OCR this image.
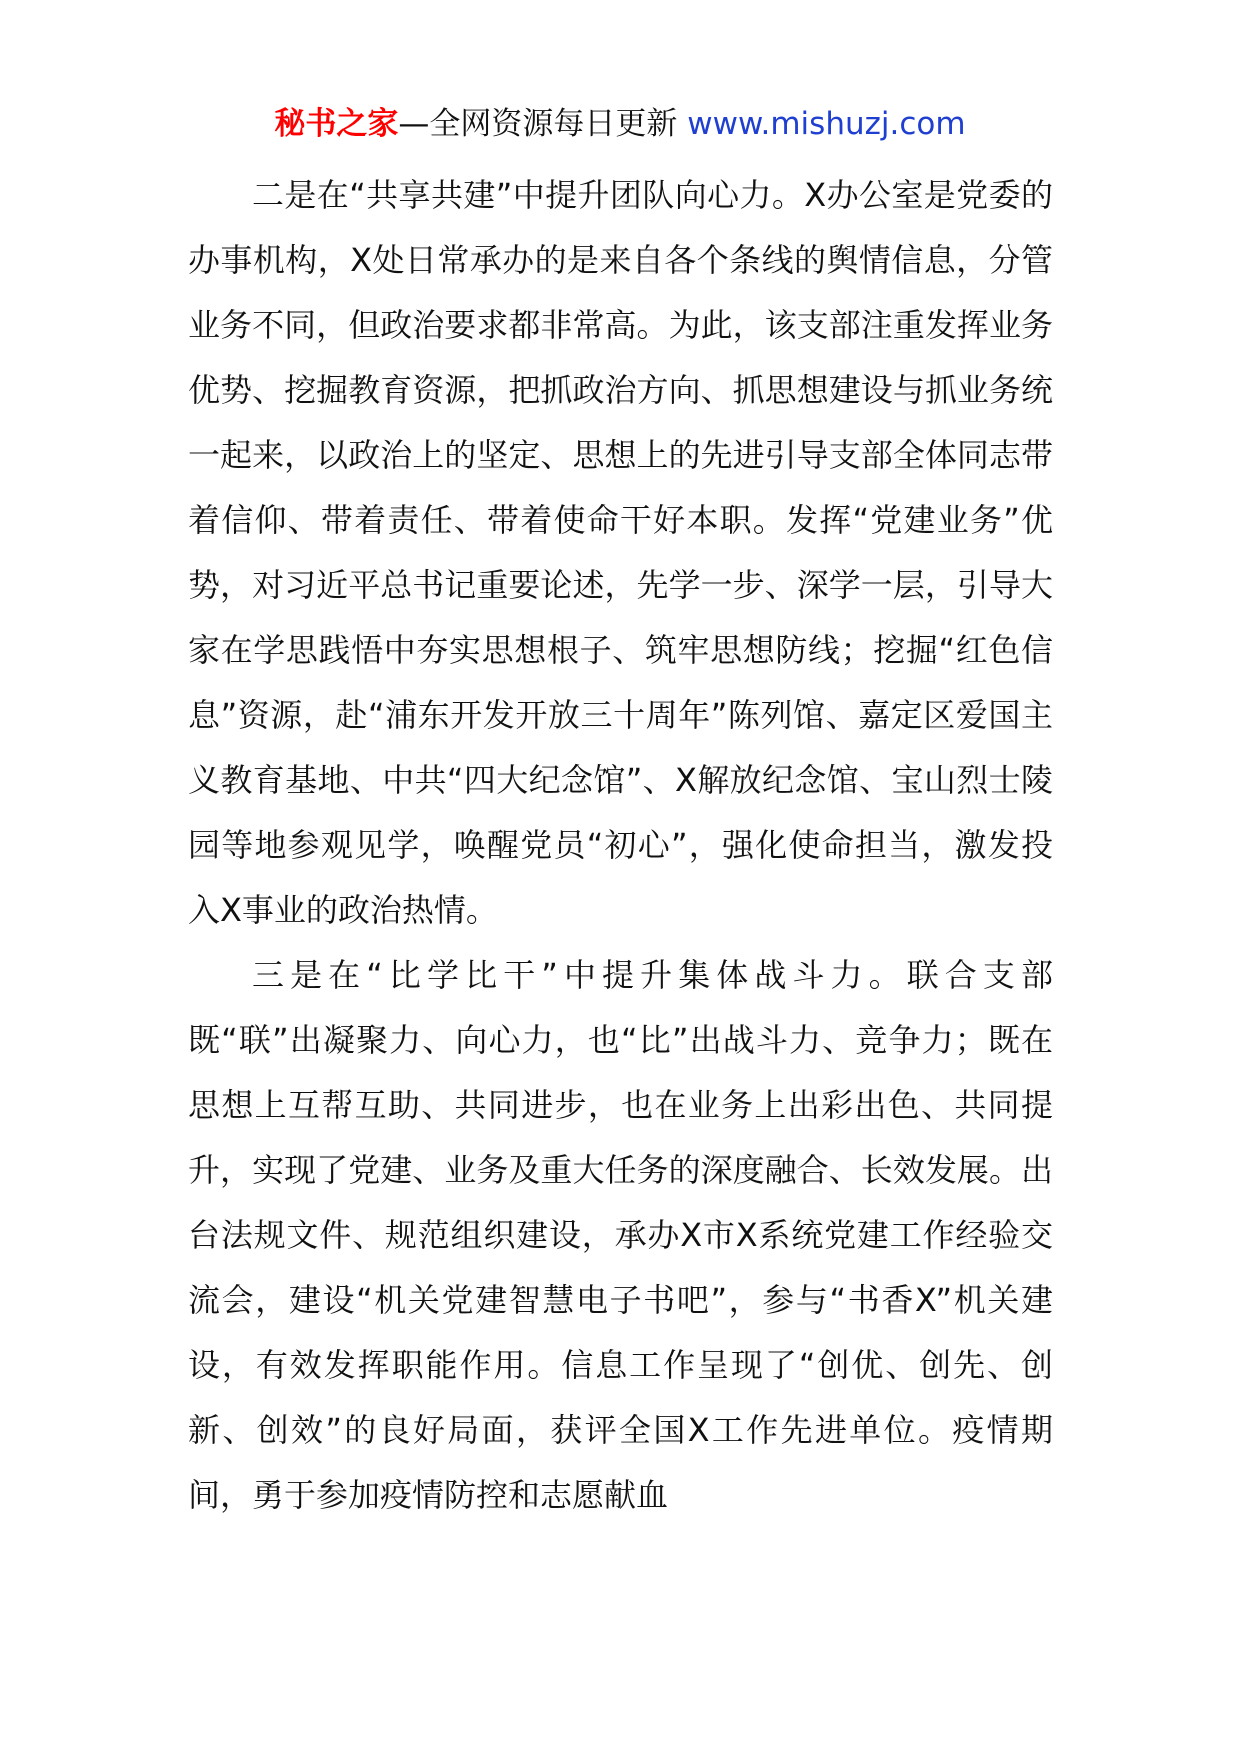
秘书之家—全网资源每日更新 www.mishuzj.com

二是在“共享共建”中提升团队向心力。X办公室是党委的办事机构，X处日常承办的是来自各个条线的舆情信息，分管业务不同，但政治要求都非常高。为此，该支部注重发挥业务优势、挖掘教育资源，把抓政治方向、抓思想建设与抓业务统一起来，以政治上的坚定、思想上的先进引导支部全体同志带着信仰、带着责任、带着使命干好本职。发挥“党建业务”优势，对习近平总书记重要论述，先学一步、深学一层，引导大家在学思践悟中夯实思想根子、筑牢思想防线；挖掘“红色信息”资源，赴“浦东开发开放三十周年”陈列馆、嘉定区爱国主义教育基地、中共“四大纪念馆”、X解放纪念馆、宝山烈士陵园等地参观见学，唤醒党员“初心”，强化使命担当，激发投入X事业的政治热情。

三是在“比学比干”中提升集体战斗力。联合支部既“联”出凝聚力、向心力，也“比”出战斗力、竞争力；既在思想上互帮互助、共同进步，也在业务上出彩出色、共同提升，实现了党建、业务及重大任务的深度融合、长效发展。出台法规文件、规范组织建设，承办X市X系统党建工作经验交流会，建设“机关党建智慧电子书吧”，参与“书香X”机关建设，有效发挥职能作用。信息工作呈现了“创优、创先、创新、创效”的良好局面，获评全国X工作先进单位。疫情期间，勇于参加疫情防控和志愿献血
